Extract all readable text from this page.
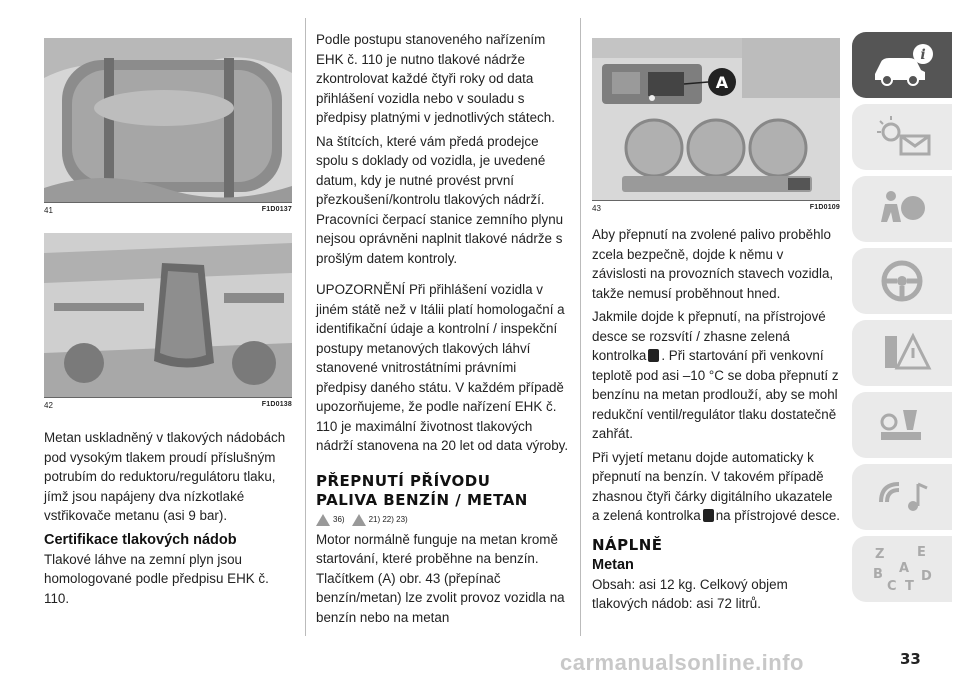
41	F1D0137
42	F1D0138

Metan uskladněný v tlakových nádobách pod vysokým tlakem proudí příslušným potrubím do reduktoru/regulátoru tlaku, jímž jsou napájeny dva nízkotlaké vstřikovače metanu (asi 9 bar).

Certifikace tlakových nádob

Tlakové láhve na zemní plyn jsou homologované podle předpisu EHK č. 110.

Podle postupu stanoveného nařízením EHK č. 110 je nutno tlakové nádrže zkontrolovat každé čtyři roky od data přihlášení vozidla nebo v souladu s předpisy platnými v jednotlivých státech.

Na štítcích, které vám předá prodejce spolu s doklady od vozidla, je uvedené datum, kdy je nutné provést první přezkoušení/kontrolu tlakových nádrží. Pracovníci čerpací stanice zemního plynu nejsou oprávněni naplnit tlakové nádrže s prošlým datem kontroly.

UPOZORNĚNÍ Při přihlášení vozidla v jiném státě než v Itálii platí homologační a identifikační údaje a kontrolní / inspekční postupy metanových tlakových láhví stanovené vnitrostátními právními předpisy daného státu. V každém případě upozorňujeme, že podle nařízení EHK č. 110 je maximální životnost tlakových nádrží stanovena na 20 let od data výroby.

PŘEPNUTÍ PŘÍVODU
PALIVA BENZÍN / METAN
36)	21) 22) 23)

Motor normálně funguje na metan kromě startování, které proběhne na benzín. Tlačítkem (A) obr. 43 (přepínač benzín/metan) lze zvolit provoz vozidla na benzín nebo na metan

A
43	F1D0109

Aby přepnutí na zvolené palivo proběhlo zcela bezpečně, dojde k němu v závislosti na provozních stavech vozidla, takže nemusí proběhnout hned.

Jakmile dojde k přepnutí, na přístrojové desce se rozsvítí / zhasne zelená kontrolka . Při startování při venkovní teplotě pod asi –10 °C se doba přepnutí z benzínu na metan prodlouží, aby se mohl redukční ventil/regulátor tlaku dostatečně zahřát.

Při vyjetí metanu dojde automaticky k přepnutí na benzín. V takovém případě zhasnou čtyři čárky digitálního ukazatele a zelená kontrolka na přístrojové desce.

NÁPLNĚ
Metan

Obsah: asi 12 kg. Celkový objem tlakových nádob: asi 72 litrů.

i
Z	E
A
B
C T
D
carmanualsonline.info	33
